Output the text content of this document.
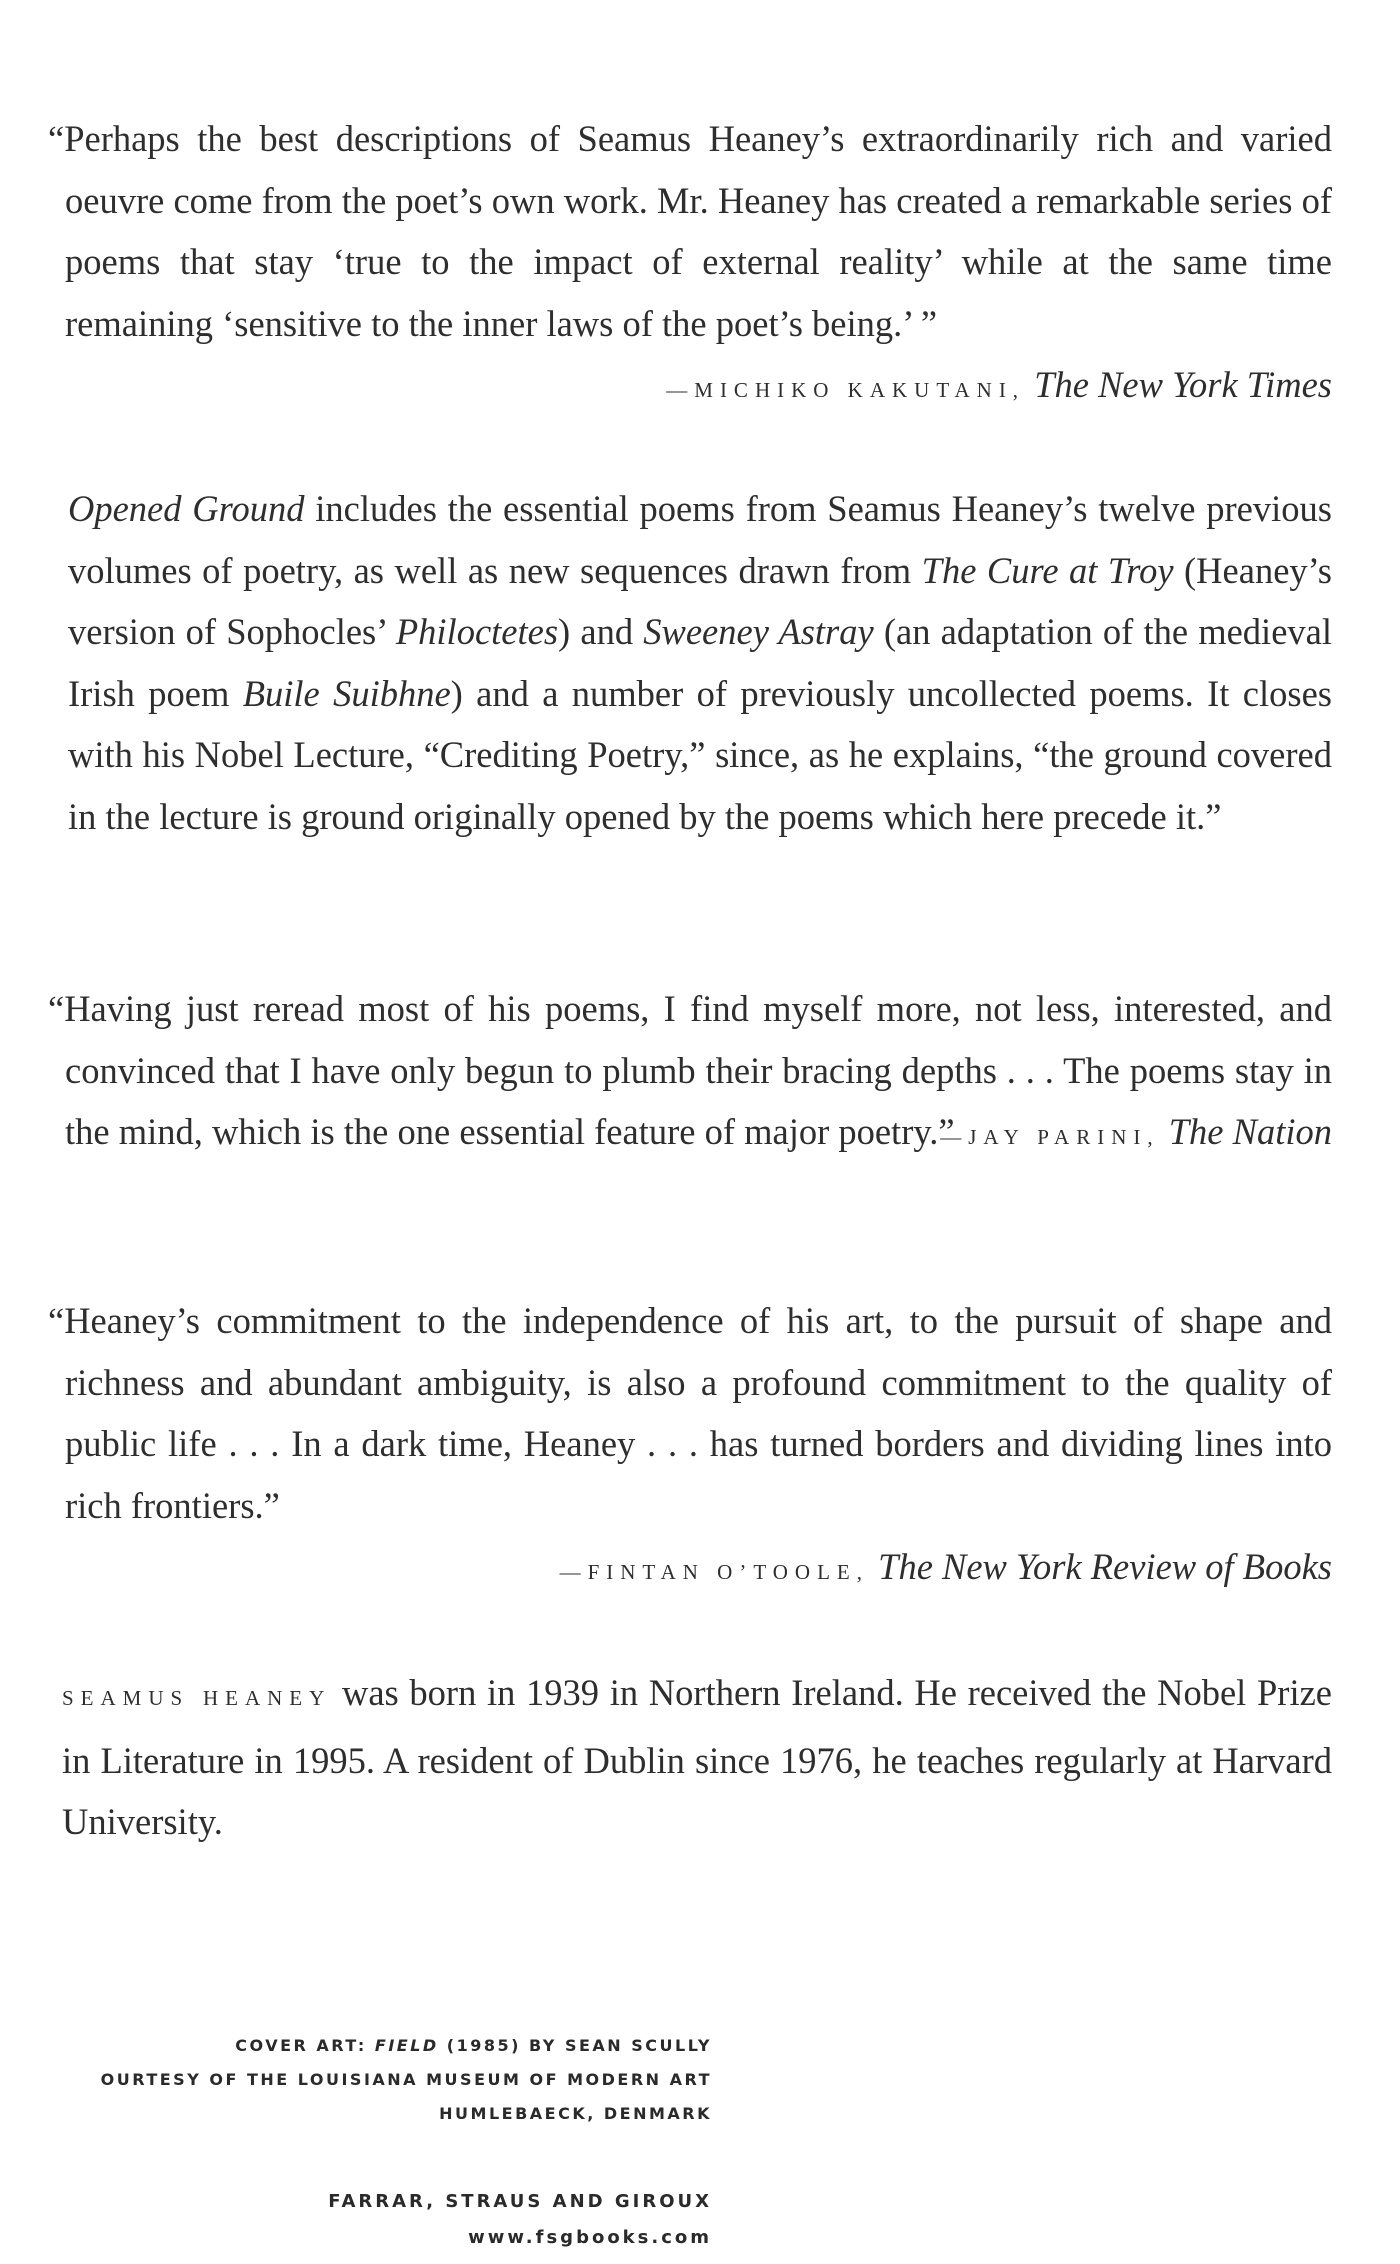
“Perhaps the best descriptions of Seamus Heaney’s extraordinarily rich and varied oeuvre come from the poet’s own work. Mr. Heaney has created a remarkable series of poems that stay ‘true to the impact of external reality’ while at the same time remaining ‘sensitive to the inner laws of the poet’s being.’ ”
—MICHIKO KAKUTANI, The New York Times
Opened Ground includes the essential poems from Seamus Heaney’s twelve previous volumes of poetry, as well as new sequences drawn from The Cure at Troy (Heaney’s version of Sophocles’ Philoctetes) and Sweeney Astray (an adaptation of the medieval Irish poem Buile Suibhne) and a number of previously uncollected poems. It closes with his Nobel Lecture, “Crediting Poetry,” since, as he explains, “the ground covered in the lecture is ground originally opened by the poems which here precede it.”
“Having just reread most of his poems, I find myself more, not less, interested, and convinced that I have only begun to plumb their bracing depths . . . The poems stay in the mind, which is the one essential feature of major poetry.”
—JAY PARINI, The Nation
“Heaney’s commitment to the independence of his art, to the pursuit of shape and richness and abundant ambiguity, is also a profound commitment to the quality of public life . . . In a dark time, Heaney . . . has turned borders and dividing lines into rich frontiers.”
—FINTAN O’TOOLE, The New York Review of Books
SEAMUS HEANEY was born in 1939 in Northern Ireland. He received the Nobel Prize in Literature in 1995. A resident of Dublin since 1976, he teaches regularly at Harvard University.
COVER ART: FIELD (1985) BY SEAN SCULLY
OURTESY OF THE LOUISIANA MUSEUM OF MODERN ART
HUMLEBAECK, DENMARK
FARRAR, STRAUS AND GIROUX
www.fsgbooks.com
